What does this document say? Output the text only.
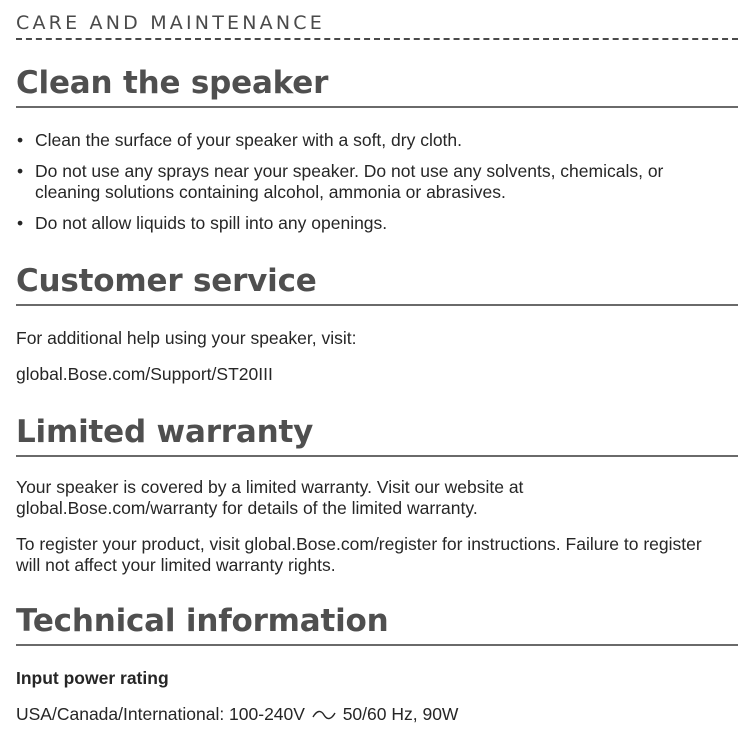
CARE AND MAINTENANCE
Clean the speaker
• Clean the surface of your speaker with a soft, dry cloth.
• Do not use any sprays near your speaker. Do not use any solvents, chemicals, or cleaning solutions containing alcohol, ammonia or abrasives.
• Do not allow liquids to spill into any openings.
Customer service

For additional help using your speaker, visit:

global.Bose.com/Support/ST20III

Limited warranty

Your speaker is covered by a limited warranty. Visit our website at global.Bose.com/warranty for details of the limited warranty.

To register your product, visit global.Bose.com/register for instructions. Failure to register will not affect your limited warranty rights.

Technical information

Input power rating

USA/Canada/International: 100-240V 50/60 Hz, 90W
